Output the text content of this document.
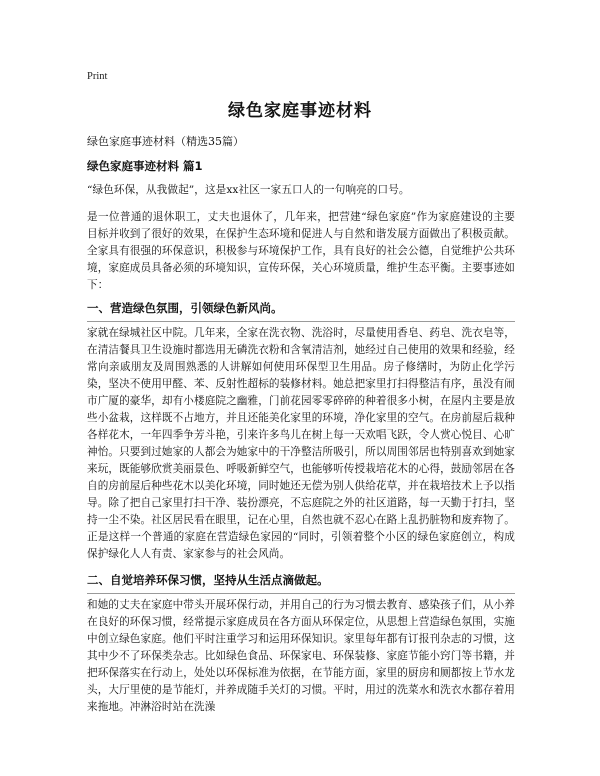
Print
绿色家庭事迹材料
绿色家庭事迹材料（精选35篇）
绿色家庭事迹材料 篇1
“绿色环保，从我做起”，这是xx社区一家五口人的一句响亮的口号。
是一位普通的退休职工，丈夫也退休了，几年来，把营建“绿色家庭”作为家庭建设的主要目标并收到了很好的效果，在保护生态环境和促进人与自然和谐发展方面做出了积极贡献。全家具有很强的环保意识，积极参与环境保护工作，具有良好的社会公德，自觉维护公共环境，家庭成员具备必须的环境知识，宣传环保，关心环境质量，维护生态平衡。主要事迹如下：
一、营造绿色氛围，引领绿色新风尚。
家就在绿城社区中院。几年来，全家在洗衣物、洗浴时，尽量使用香皂、药皂、洗衣皂等，在清洁餐具卫生设施时都选用无磷洗衣粉和含氧清洁剂，她经过自己使用的效果和经验，经常向亲戚朋友及周围熟悉的人讲解如何使用环保型卫生用品。房子修缮时，为防止化学污染，坚决不使用甲醛、苯、反射性超标的装修材料。她总把家里打扫得整洁有序，虽没有闹市广厦的豪华，却有小楼庭院之幽雅，门前花园零零碎碎的种着很多小树，在屋内主要是放些小盆栽，这样既不占地方，并且还能美化家里的环境，净化家里的空气。在房前屋后栽种各样花木，一年四季争芳斗艳，引来许多鸟儿在树上每一天欢唱飞跃，令人赏心悦目、心旷神怡。只要到过她家的人都会为她家中的干净整洁所吸引，所以周围邻居也特别喜欢到她家来玩，既能够欣赏美丽景色、呼吸新鲜空气，也能够听传授栽培花木的心得，鼓励邻居在各自的房前屋后种些花木以美化环境，同时她还无偿为别人供给花草，并在栽培技术上予以指导。除了把自己家里打扫干净、装扮漂亮，不忘庭院之外的社区道路，每一天勤于打扫，坚持一尘不染。社区居民看在眼里，记在心里，自然也就不忍心在路上乱扔脏物和废弃物了。正是这样一个普通的家庭在营造绿色家园的“同时，引领着整个小区的绿色家庭创立，构成保护绿化人人有责、家家参与的社会风尚。
二、自觉培养环保习惯，坚持从生活点滴做起。
和她的丈夫在家庭中带头开展环保行动，并用自己的行为习惯去教育、感染孩子们，从小养在良好的环保习惯，经常提示家庭成员在各方面从环保定位，从思想上营造绿色氛围，实施中创立绿色家庭。他们平时注重学习和运用环保知识。家里每年都有订报刊杂志的习惯，这其中少不了环保类杂志。比如绿色食品、环保家电、环保装修、家庭节能小窍门等书籍，并把环保落实在行动上，处处以环保标准为依据，在节能方面，家里的厨房和厕都按上节水龙头，大厅里使的是节能灯，并养成随手关灯的习惯。平时，用过的洗菜水和洗衣水都存着用来拖地。冲淋浴时站在洗澡
